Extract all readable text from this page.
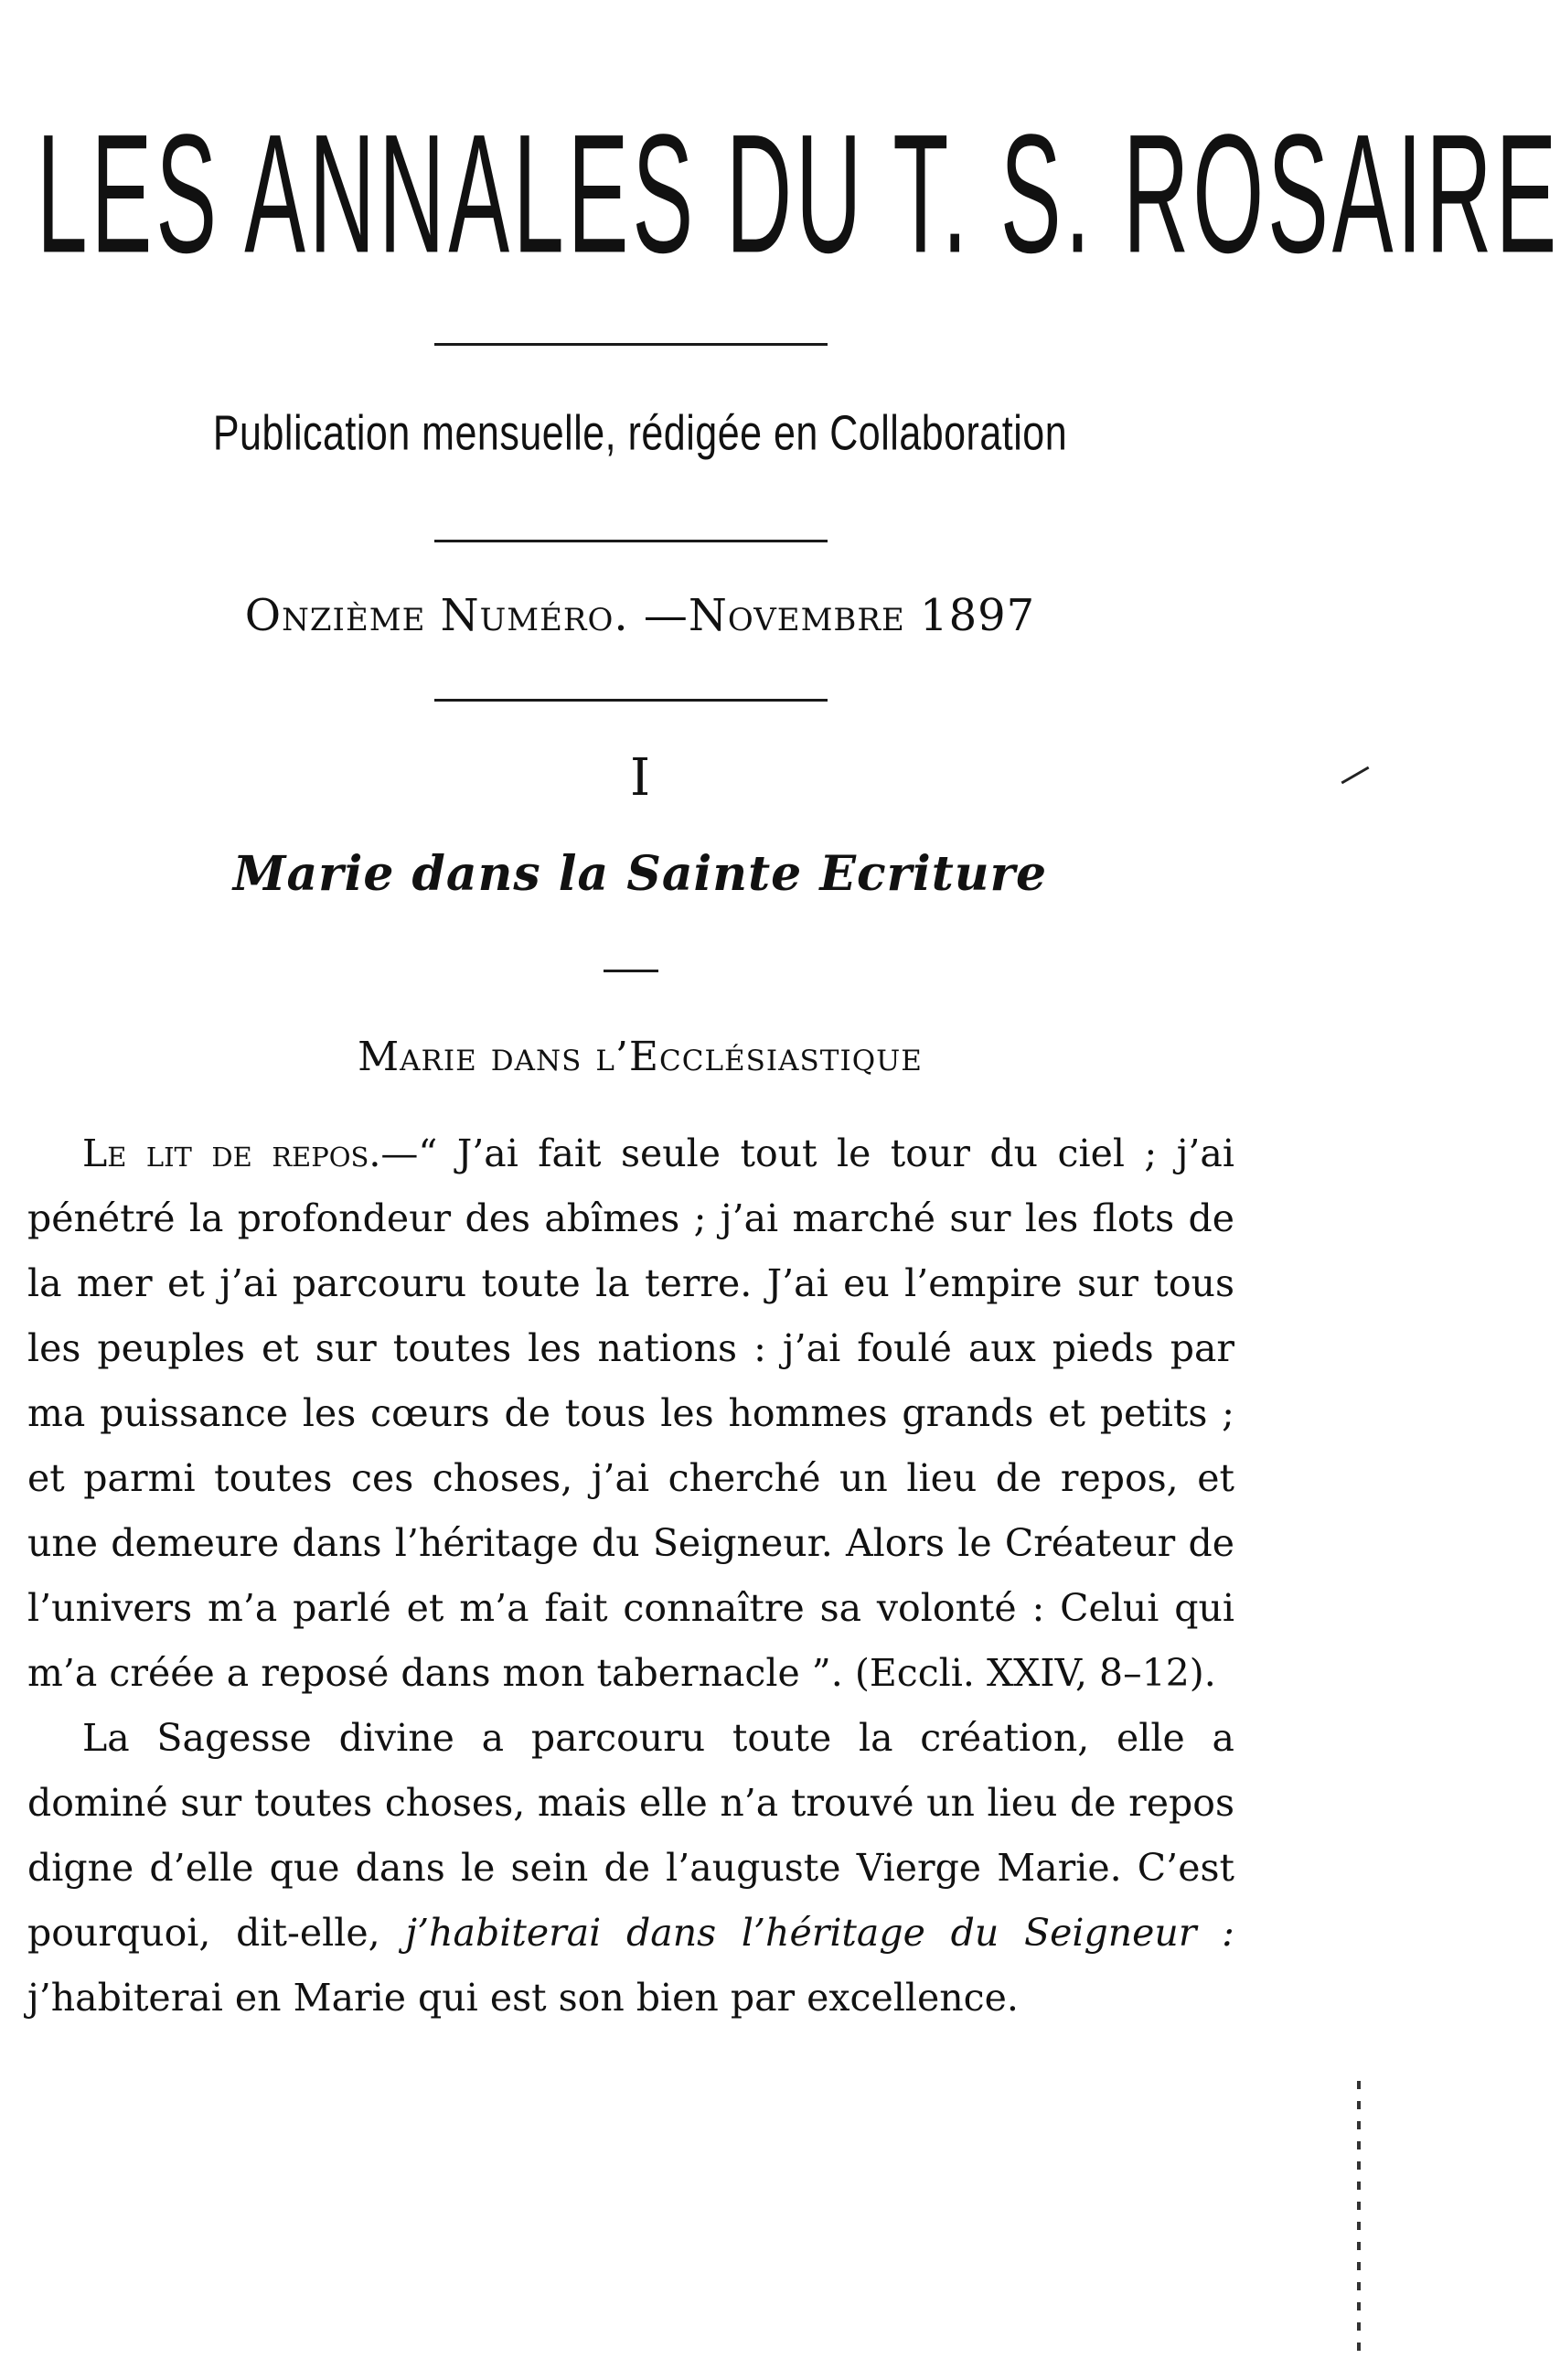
LES ANNALES DU T. S. ROSAIRE
Publication mensuelle, rédigée en Collaboration
Onzième Numéro. —Novembre 1897
I
Marie dans la Sainte Ecriture
Marie dans l’Ecclésiastique

Le lit de repos.—“ J’ai fait seule tout le tour du ciel ; j’ai pénétré la profondeur des abîmes ; j’ai marché sur les flots de la mer et j’ai parcouru toute la terre. J’ai eu l’empire sur tous les peuples et sur toutes les nations : j’ai foulé aux pieds par ma puissance les cœurs de tous les hommes grands et petits ; et parmi toutes ces choses, j’ai cherché un lieu de repos, et une demeure dans l’héritage du Seigneur. Alors le Créateur de l’univers m’a parlé et m’a fait connaître sa volonté : Celui qui m’a créée a reposé dans mon tabernacle ”. (Eccli. XXIV, 8–12).

La Sagesse divine a parcouru toute la création, elle a dominé sur toutes choses, mais elle n’a trouvé un lieu de repos digne d’elle que dans le sein de l’auguste Vierge Marie. C’est pourquoi, dit-elle, j’habiterai dans l’héritage du Seigneur : j’habiterai en Marie qui est son bien par excellence.
